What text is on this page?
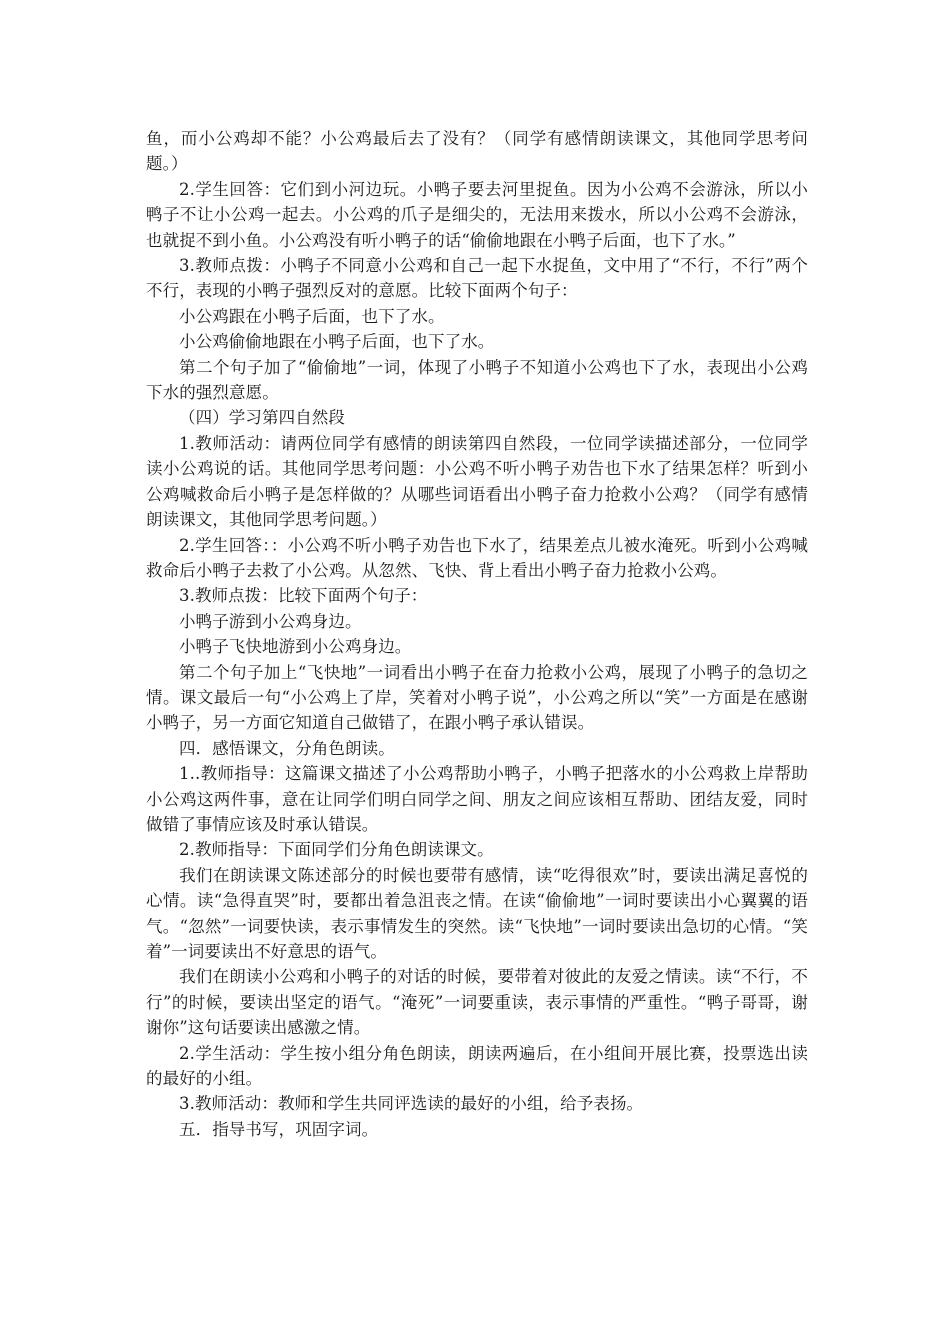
鱼，而小公鸡却不能？小公鸡最后去了没有？（同学有感情朗读课文，其他同学思考问题。）

2.学生回答：它们到小河边玩。小鸭子要去河里捉鱼。因为小公鸡不会游泳，所以小鸭子不让小公鸡一起去。小公鸡的爪子是细尖的，无法用来拨水，所以小公鸡不会游泳，也就捉不到小鱼。小公鸡没有听小鸭子的话“偷偷地跟在小鸭子后面，也下了水。”

3.教师点拨：小鸭子不同意小公鸡和自己一起下水捉鱼，文中用了“不行，不行”两个不行，表现的小鸭子强烈反对的意愿。比较下面两个句子：

小公鸡跟在小鸭子后面，也下了水。

小公鸡偷偷地跟在小鸭子后面，也下了水。

第二个句子加了“偷偷地”一词，体现了小鸭子不知道小公鸡也下了水，表现出小公鸡下水的强烈意愿。

（四）学习第四自然段

1.教师活动：请两位同学有感情的朗读第四自然段，一位同学读描述部分，一位同学读小公鸡说的话。其他同学思考问题：小公鸡不听小鸭子劝告也下水了结果怎样？听到小公鸡喊救命后小鸭子是怎样做的？从哪些词语看出小鸭子奋力抢救小公鸡？（同学有感情朗读课文，其他同学思考问题。）

2.学生回答：：小公鸡不听小鸭子劝告也下水了，结果差点儿被水淹死。听到小公鸡喊救命后小鸭子去救了小公鸡。从忽然、飞快、背上看出小鸭子奋力抢救小公鸡。

3.教师点拨：比较下面两个句子：

小鸭子游到小公鸡身边。

小鸭子飞快地游到小公鸡身边。

第二个句子加上“飞快地”一词看出小鸭子在奋力抢救小公鸡，展现了小鸭子的急切之情。课文最后一句“小公鸡上了岸，笑着对小鸭子说”，小公鸡之所以“笑”一方面是在感谢小鸭子，另一方面它知道自己做错了，在跟小鸭子承认错误。

四．感悟课文，分角色朗读。

1..教师指导：这篇课文描述了小公鸡帮助小鸭子，小鸭子把落水的小公鸡救上岸帮助小公鸡这两件事，意在让同学们明白同学之间、朋友之间应该相互帮助、团结友爱，同时做错了事情应该及时承认错误。

2.教师指导：下面同学们分角色朗读课文。

我们在朗读课文陈述部分的时候也要带有感情，读“吃得很欢”时，要读出满足喜悦的心情。读“急得直哭”时，要都出着急沮丧之情。在读“偷偷地”一词时要读出小心翼翼的语气。“忽然”一词要快读，表示事情发生的突然。读“飞快地”一词时要读出急切的心情。“笑着”一词要读出不好意思的语气。

我们在朗读小公鸡和小鸭子的对话的时候，要带着对彼此的友爱之情读。读“不行，不行”的时候，要读出坚定的语气。“淹死”一词要重读，表示事情的严重性。“鸭子哥哥，谢谢你”这句话要读出感激之情。

2.学生活动：学生按小组分角色朗读，朗读两遍后，在小组间开展比赛，投票选出读的最好的小组。

3.教师活动：教师和学生共同评选读的最好的小组，给予表扬。

五．指导书写，巩固字词。
